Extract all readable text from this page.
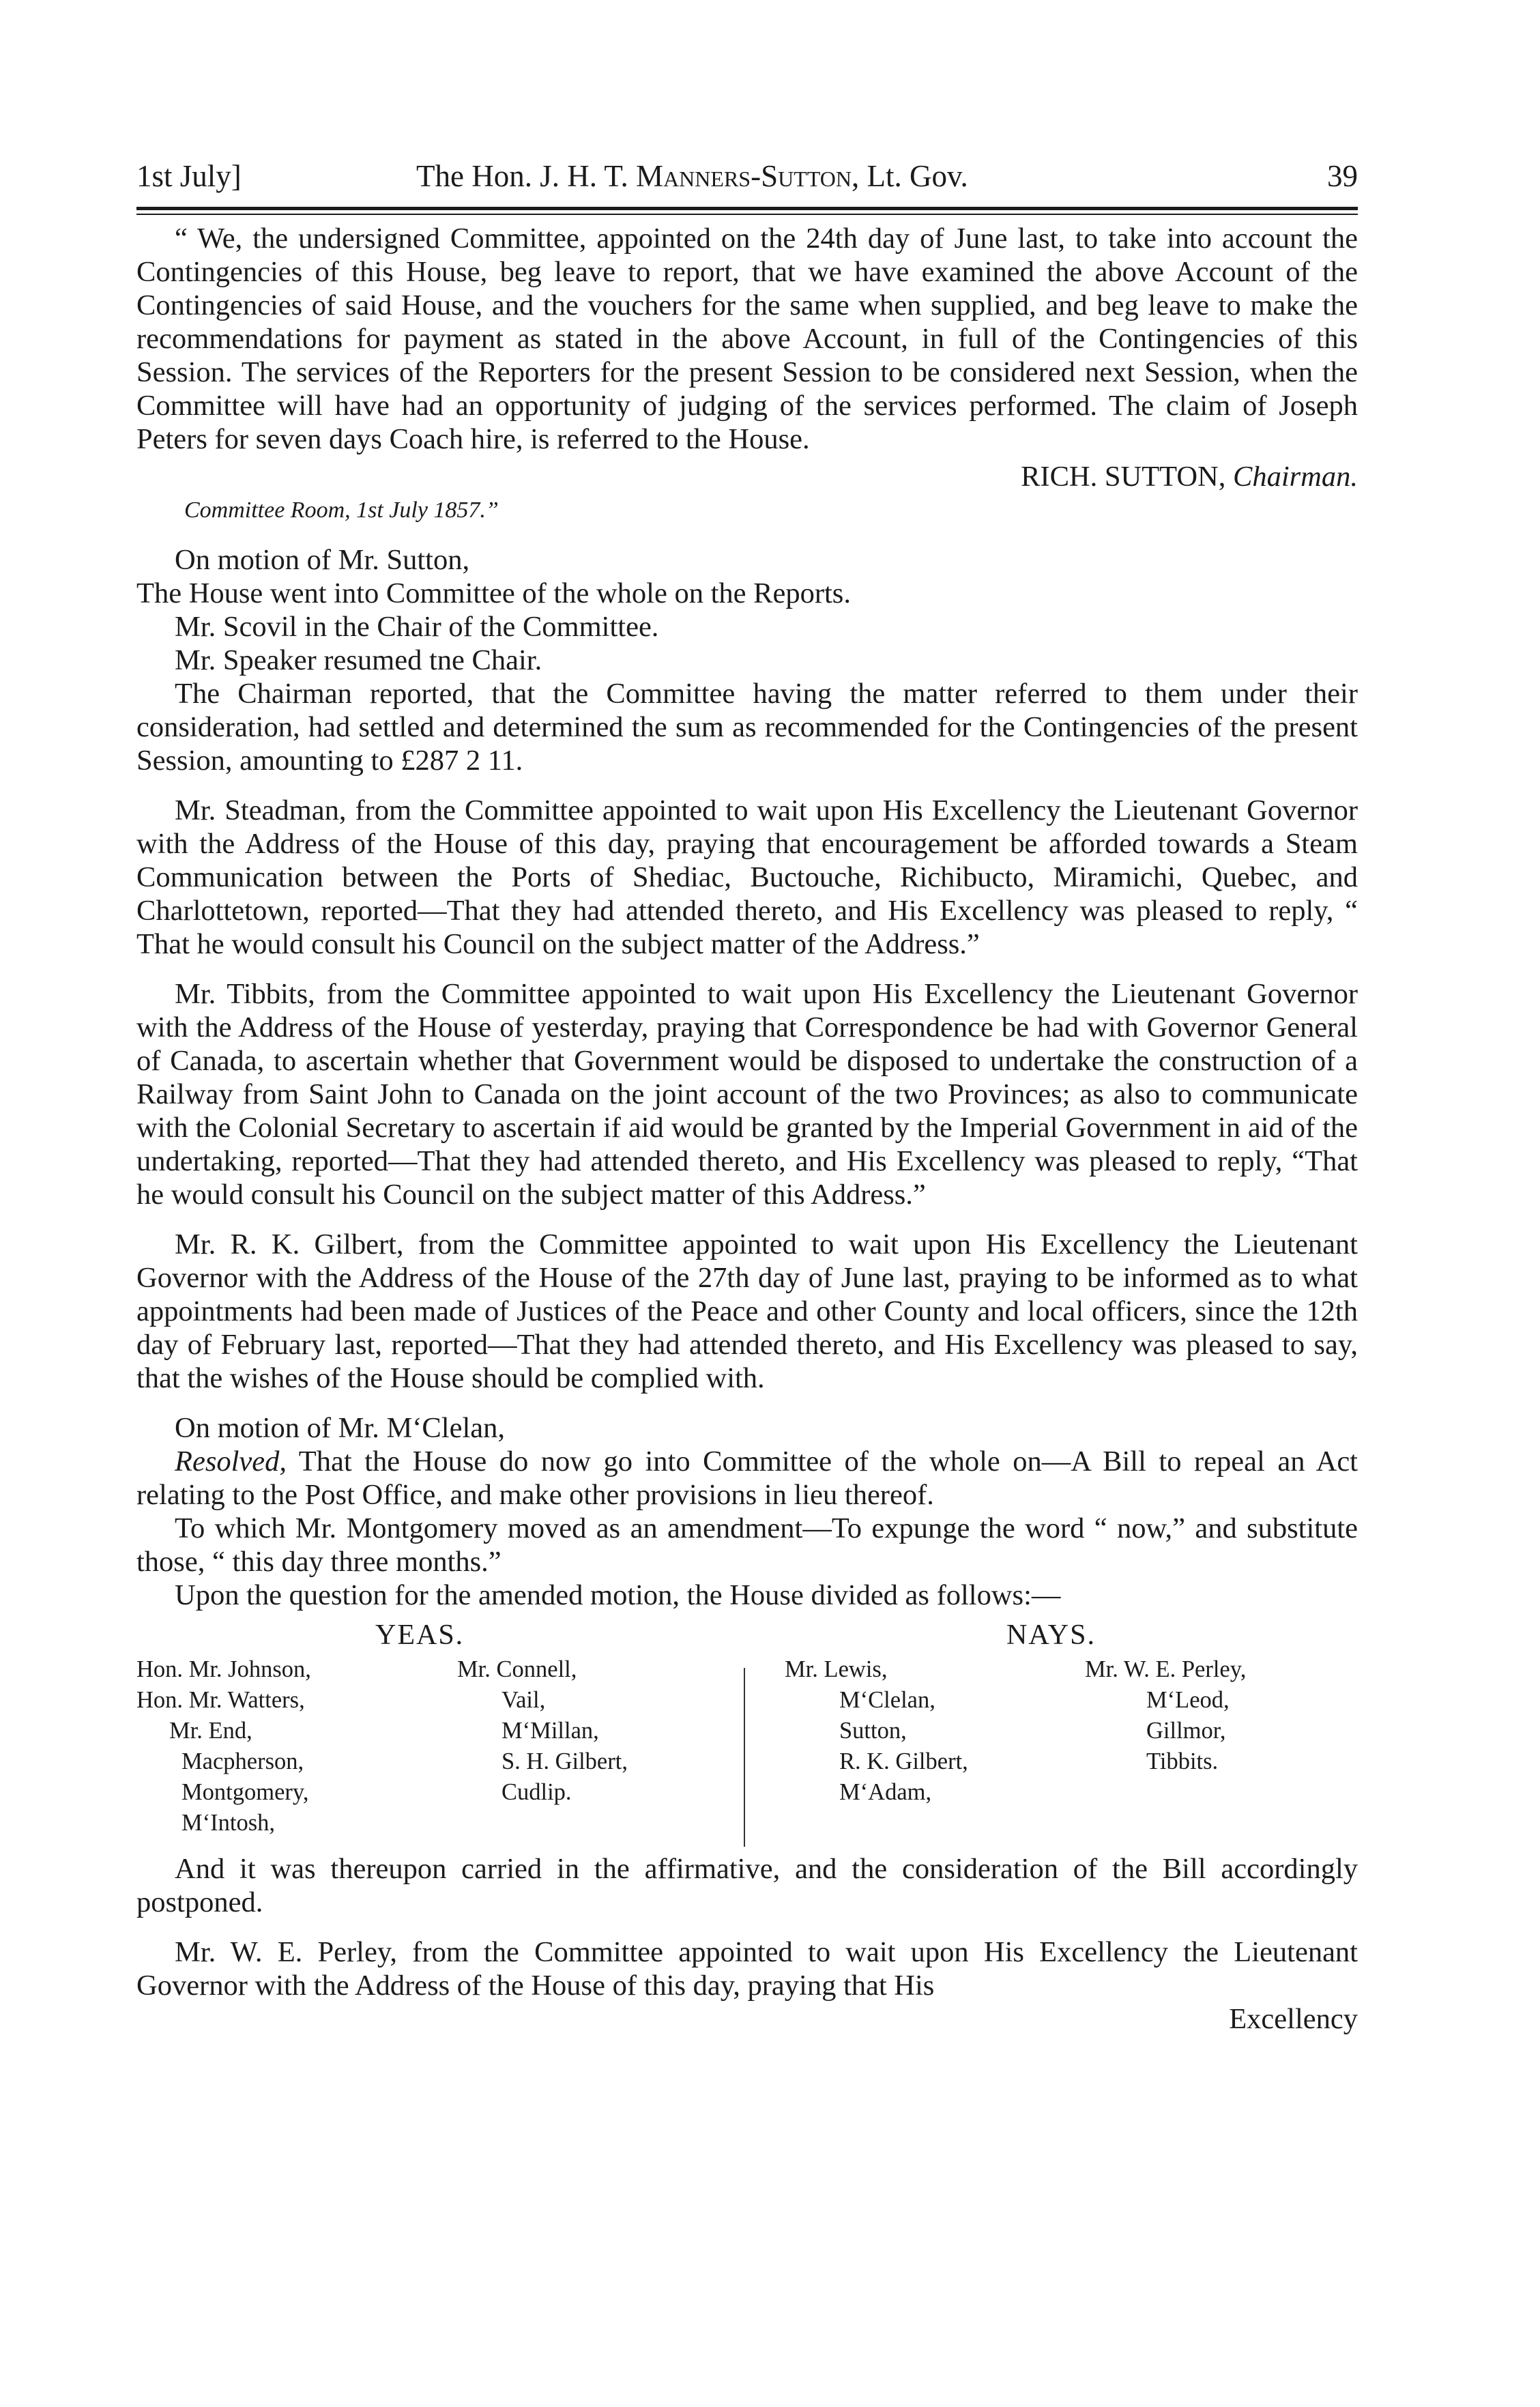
1st July]	The Hon. J. H. T. Manners-Sutton, Lt. Gov.	39

“ We, the undersigned Committee, appointed on the 24th day of June last, to take into account the Contingencies of this House, beg leave to report, that we have examined the above Account of the Contingencies of said House, and the vouchers for the same when supplied, and beg leave to make the recommendations for payment as stated in the above Account, in full of the Contingencies of this Session. The services of the Reporters for the present Session to be considered next Session, when the Committee will have had an opportunity of judging of the services performed. The claim of Joseph Peters for seven days Coach hire, is referred to the House.

RICH. SUTTON, Chairman.

Committee Room, 1st July 1857.”

On motion of Mr. Sutton,

The House went into Committee of the whole on the Reports.

Mr. Scovil in the Chair of the Committee.

Mr. Speaker resumed tne Chair.

The Chairman reported, that the Committee having the matter referred to them under their consideration, had settled and determined the sum as recommended for the Contingencies of the present Session, amounting to £287 2 11.

Mr. Steadman, from the Committee appointed to wait upon His Excellency the Lieutenant Governor with the Address of the House of this day, praying that encouragement be afforded towards a Steam Communication between the Ports of Shediac, Buctouche, Richibucto, Miramichi, Quebec, and Charlottetown, reported—That they had attended thereto, and His Excellency was pleased to reply, “ That he would consult his Council on the subject matter of the Address.”

Mr. Tibbits, from the Committee appointed to wait upon His Excellency the Lieutenant Governor with the Address of the House of yesterday, praying that Correspondence be had with Governor General of Canada, to ascertain whether that Government would be disposed to undertake the construction of a Railway from Saint John to Canada on the joint account of the two Provinces; as also to communicate with the Colonial Secretary to ascertain if aid would be granted by the Imperial Government in aid of the undertaking, reported—That they had attended thereto, and His Excellency was pleased to reply, “That he would consult his Council on the subject matter of this Address.”

Mr. R. K. Gilbert, from the Committee appointed to wait upon His Excellency the Lieutenant Governor with the Address of the House of the 27th day of June last, praying to be informed as to what appointments had been made of Justices of the Peace and other County and local officers, since the 12th day of February last, reported—That they had attended thereto, and His Excellency was pleased to say, that the wishes of the House should be complied with.

On motion of Mr. M‘Clelan,

Resolved, That the House do now go into Committee of the whole on—A Bill to repeal an Act relating to the Post Office, and make other provisions in lieu thereof.

To which Mr. Montgomery moved as an amendment—To expunge the word “ now,” and substitute those, “ this day three months.”

Upon the question for the amended motion, the House divided as follows:—

YEAS.	NAYS.
Hon. Mr. Johnson,
Hon. Mr. Watters,
Mr. End,
Macpherson,
Montgomery,
M‘Intosh,
Mr. Connell,
Vail,
M‘Millan,
S. H. Gilbert,
Cudlip.
Mr. Lewis,
M‘Clelan,
Sutton,
R. K. Gilbert,
M‘Adam,
Mr. W. E. Perley,
M‘Leod,
Gillmor,
Tibbits.

And it was thereupon carried in the affirmative, and the consideration of the Bill accordingly postponed.

Mr. W. E. Perley, from the Committee appointed to wait upon His Excellency the Lieutenant Governor with the Address of the House of this day, praying that His

Excellency
